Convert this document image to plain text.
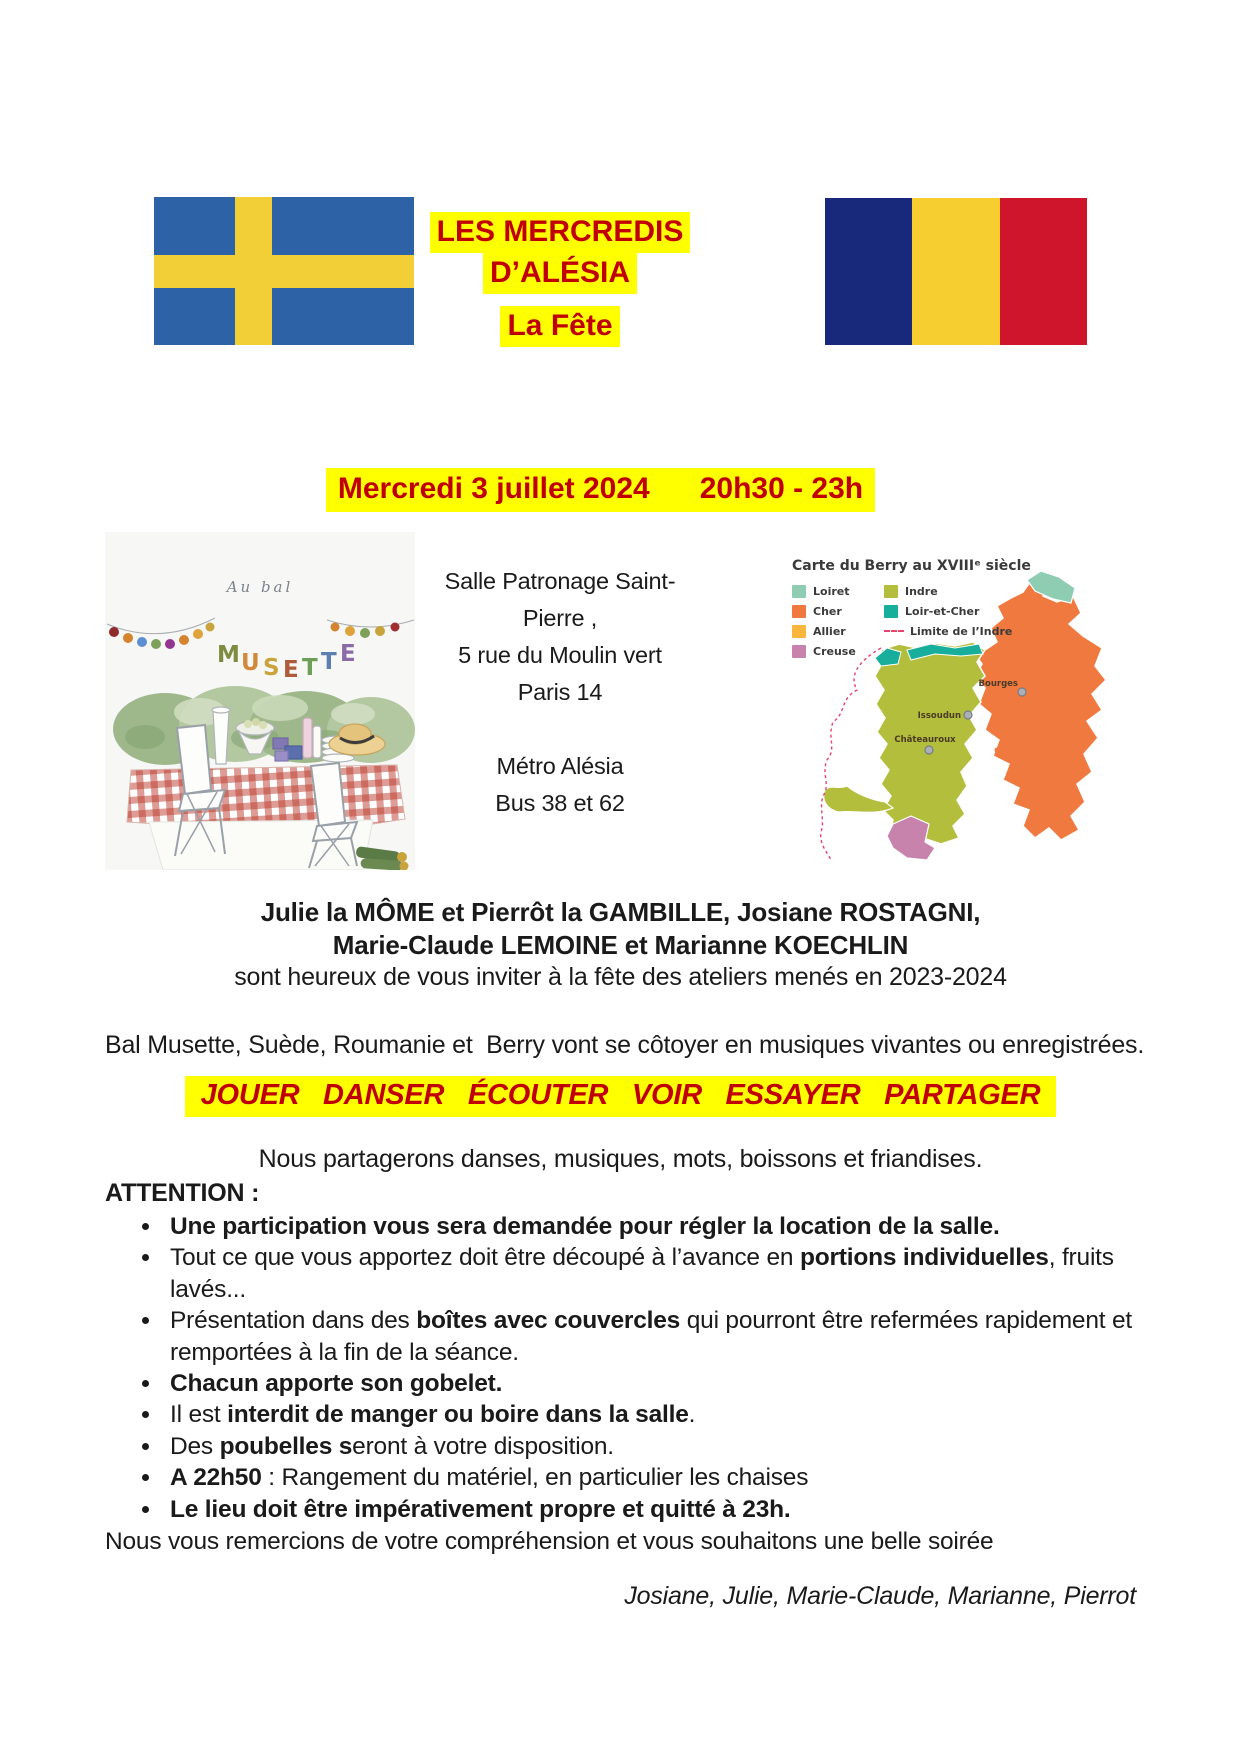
LES MERCREDIS
D’ALÉSIA
La Fête
Mercredi 3 juillet 2024      20h30 - 23h
Au bal
M U S E T T E
Salle Patronage Saint-
Pierre ,
5 rue du Moulin vert
Paris 14
Métro Alésia
Bus 38 et 62
Bourges
Issoudun
Châteauroux
Carte du Berry au XVIIIᵉ siècle
Loiret
Cher
Allier
Creuse
Indre
Loir-et-Cher
Limite de l’Indre
Julie la MÔME et Pierrôt la GAMBILLE, Josiane ROSTAGNI,
Marie-Claude LEMOINE et Marianne KOECHLIN
sont heureux de vous inviter à la fête des ateliers menés en 2023-2024
Bal Musette, Suède, Roumanie et  Berry vont se côtoyer en musiques vivantes ou enregistrées.
JOUER   DANSER   ÉCOUTER   VOIR   ESSAYER   PARTAGER
Nous partagerons danses, musiques, mots, boissons et friandises.
ATTENTION :
• Une participation vous sera demandée pour régler la location de la salle.
• Tout ce que vous apportez doit être découpé à l’avance en portions individuelles, fruits lavés...
• Présentation dans des boîtes avec couvercles qui pourront être refermées rapidement et remportées à la fin de la séance.
• Chacun apporte son gobelet.
• Il est interdit de manger ou boire dans la salle.
• Des poubelles seront à votre disposition.
• A 22h50 : Rangement du matériel, en particulier les chaises
• Le lieu doit être impérativement propre et quitté à 23h.
Nous vous remercions de votre compréhension et vous souhaitons une belle soirée
Josiane, Julie, Marie-Claude, Marianne, Pierrot
